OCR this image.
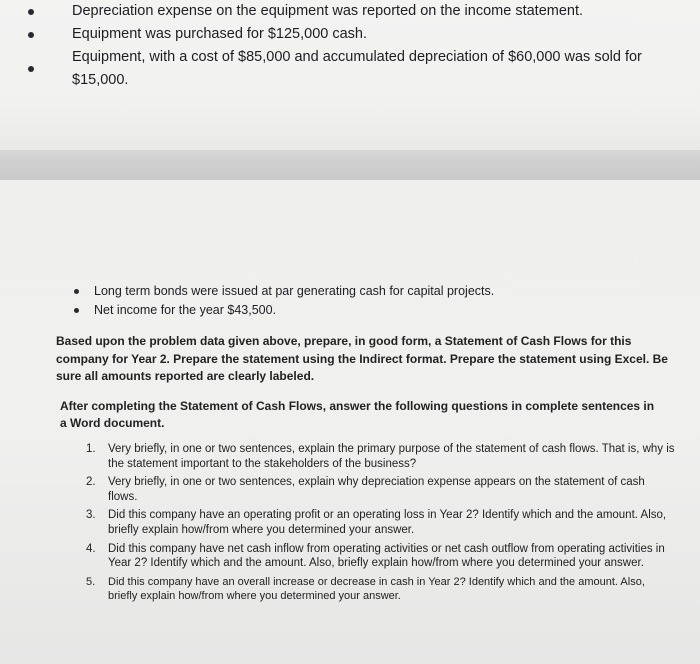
Depreciation expense on the equipment was reported on the income statement.
Equipment was purchased for $125,000 cash.
Equipment, with a cost of $85,000 and accumulated depreciation of $60,000 was sold for $15,000.
Long term bonds were issued at par generating cash for capital projects.
Net income for the year $43,500.
Based upon the problem data given above, prepare, in good form, a Statement of Cash Flows for this company for Year 2. Prepare the statement using the Indirect format. Prepare the statement using Excel. Be sure all amounts reported are clearly labeled.
After completing the Statement of Cash Flows, answer the following questions in complete sentences in a Word document.
1. Very briefly, in one or two sentences, explain the primary purpose of the statement of cash flows. That is, why is the statement important to the stakeholders of the business?
2. Very briefly, in one or two sentences, explain why depreciation expense appears on the statement of cash flows.
3. Did this company have an operating profit or an operating loss in Year 2? Identify which and the amount. Also, briefly explain how/from where you determined your answer.
4. Did this company have net cash inflow from operating activities or net cash outflow from operating activities in Year 2? Identify which and the amount. Also, briefly explain how/from where you determined your answer.
5. Did this company have an overall increase or decrease in cash in Year 2? Identify which and the amount. Also, briefly explain how/from where you determined your answer.
